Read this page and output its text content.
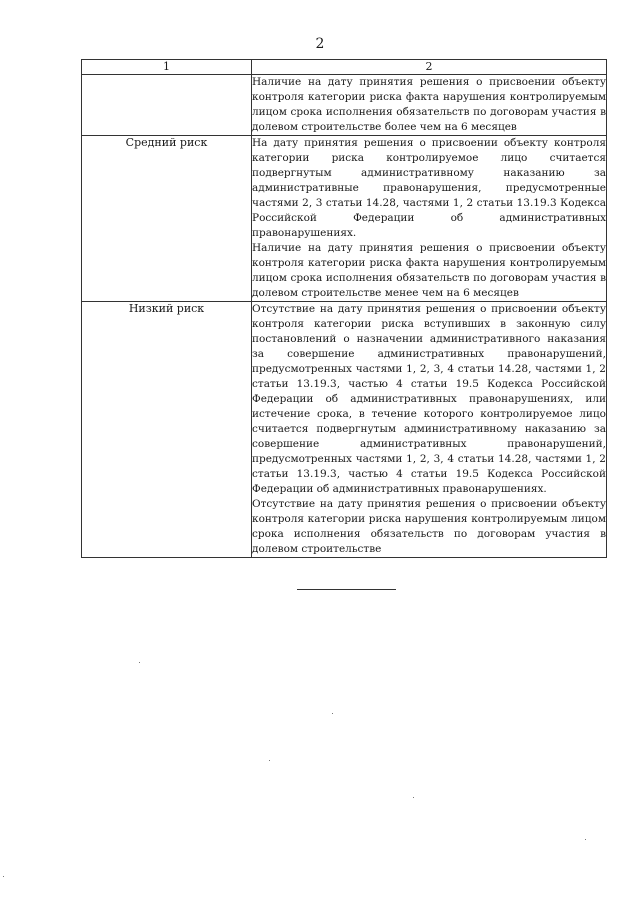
2
1	2

	Наличие на дату принятия решения о присвоении объекту контроля категории риска факта нарушения контролируемым лицом срока исполнения обязательств по договорам участия в долевом строительстве более чем на 6 месяцев

Средний риск	На дату принятия решения о присвоении объекту контроля категории риска контролируемое лицо считается подвергнутым административному наказанию за административные правонарушения, предусмотренные частями 2, 3 статьи 14.28, частями 1, 2 статьи 13.19.3 Кодекса Российской Федерации об административных правонарушениях.
Наличие на дату принятия решения о присвоении объекту контроля категории риска факта нарушения контролируемым лицом срока исполнения обязательств по договорам участия в долевом строительстве менее чем на 6 месяцев

Низкий риск	Отсутствие на дату принятия решения о присвоении объекту контроля категории риска вступивших в законную силу постановлений о назначении административного наказания за совершение административных правонарушений, предусмотренных частями 1, 2, 3, 4 статьи 14.28, частями 1, 2 статьи 13.19.3, частью 4 статьи 19.5 Кодекса Российской Федерации об административных правонарушениях, или истечение срока, в течение которого контролируемое лицо считается подвергнутым административному наказанию за совершение административных правонарушений, предусмотренных частями 1, 2, 3, 4 статьи 14.28, частями 1, 2 статьи 13.19.3, частью 4 статьи 19.5 Кодекса Российской Федерации об административных правонарушениях.
Отсутствие на дату принятия решения о присвоении объекту контроля категории риска нарушения контролируемым лицом срока исполнения обязательств по договорам участия в долевом строительстве
